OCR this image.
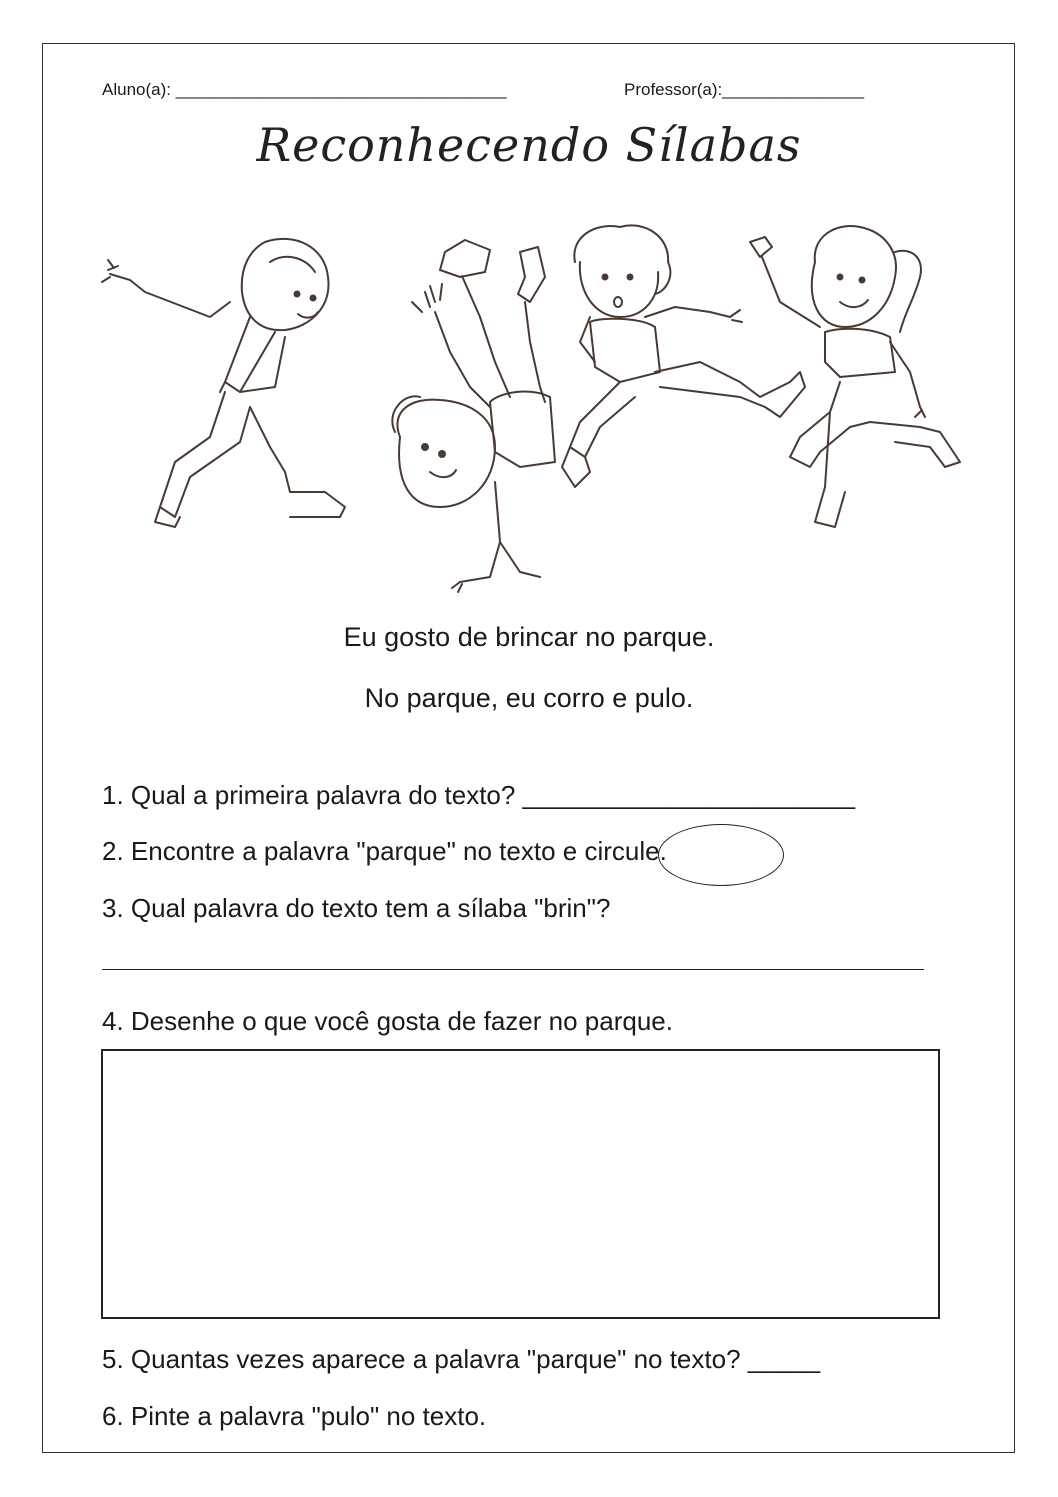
Aluno(a): ___________________________________	Professor(a):_______________
Reconhecendo Sílabas
Eu gosto de brincar no parque.
No parque, eu corro e pulo.
1. Qual a primeira palavra do texto? _______________________
2. Encontre a palavra "parque" no texto e circule.
3. Qual palavra do texto tem a sílaba "brin"?
4. Desenhe o que você gosta de fazer no parque.
5. Quantas vezes aparece a palavra "parque" no texto? _____
6. Pinte a palavra "pulo" no texto.
